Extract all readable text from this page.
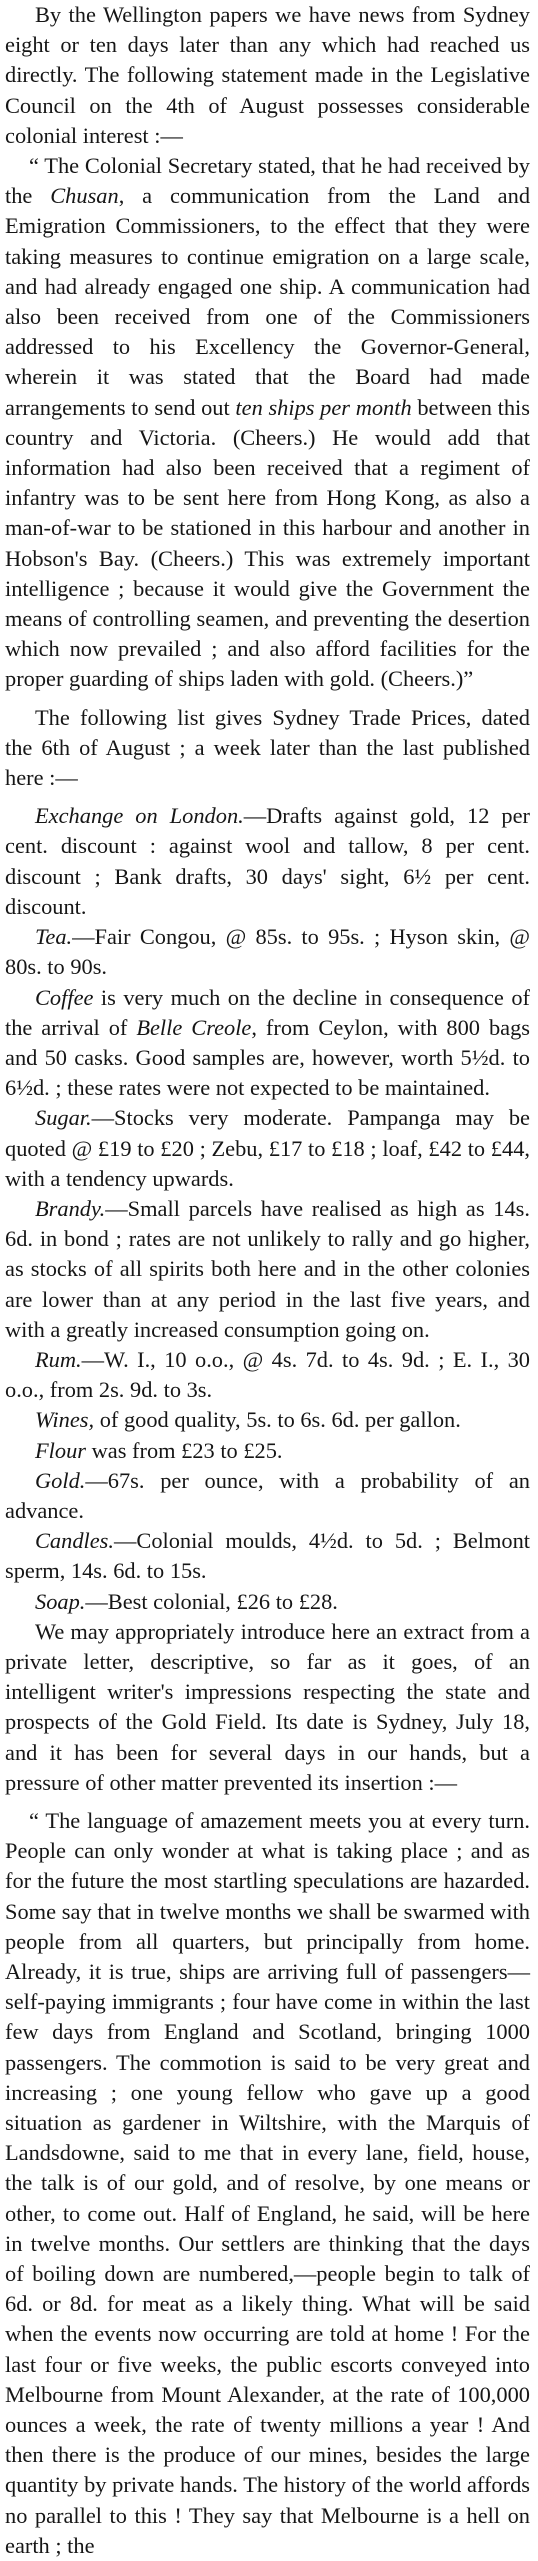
By the Wellington papers we have news from Sydney eight or ten days later than any which had reached us directly. The following statement made in the Legislative Council on the 4th of August possesses considerable colonial interest :—

“ The Colonial Secretary stated, that he had received by the Chusan, a communication from the Land and Emigration Commissioners, to the effect that they were taking measures to continue emigration on a large scale, and had already engaged one ship. A communication had also been received from one of the Commissioners addressed to his Excellency the Governor-General, wherein it was stated that the Board had made arrangements to send out ten ships per month between this country and Victoria. (Cheers.) He would add that information had also been received that a regiment of infantry was to be sent here from Hong Kong, as also a man-of-war to be stationed in this harbour and another in Hobson's Bay. (Cheers.) This was extremely important intelligence ; because it would give the Government the means of controlling seamen, and preventing the desertion which now prevailed ; and also afford facilities for the proper guarding of ships laden with gold. (Cheers.)”

The following list gives Sydney Trade Prices, dated the 6th of August ; a week later than the last published here :—

Exchange on London.—Drafts against gold, 12 per cent. discount : against wool and tallow, 8 per cent. discount ; Bank drafts, 30 days' sight, 6½ per cent. discount.

Tea.—Fair Congou, @ 85s. to 95s. ; Hyson skin, @ 80s. to 90s.

Coffee is very much on the decline in consequence of the arrival of Belle Creole, from Ceylon, with 800 bags and 50 casks. Good samples are, however, worth 5½d. to 6½d. ; these rates were not expected to be maintained.

Sugar.—Stocks very moderate. Pampanga may be quoted @ £19 to £20 ; Zebu, £17 to £18 ; loaf, £42 to £44, with a tendency upwards.

Brandy.—Small parcels have realised as high as 14s. 6d. in bond ; rates are not unlikely to rally and go higher, as stocks of all spirits both here and in the other colonies are lower than at any period in the last five years, and with a greatly increased consumption going on.

Rum.—W. I., 10 o.o., @ 4s. 7d. to 4s. 9d. ; E. I., 30 o.o., from 2s. 9d. to 3s.

Wines, of good quality, 5s. to 6s. 6d. per gallon.

Flour was from £23 to £25.

Gold.—67s. per ounce, with a probability of an advance.

Candles.—Colonial moulds, 4½d. to 5d. ; Belmont sperm, 14s. 6d. to 15s.

Soap.—Best colonial, £26 to £28.

We may appropriately introduce here an extract from a private letter, descriptive, so far as it goes, of an intelligent writer's impressions respecting the state and prospects of the Gold Field. Its date is Sydney, July 18, and it has been for several days in our hands, but a pressure of other matter prevented its insertion :—

“ The language of amazement meets you at every turn. People can only wonder at what is taking place ; and as for the future the most startling speculations are hazarded. Some say that in twelve months we shall be swarmed with people from all quarters, but principally from home. Already, it is true, ships are arriving full of passengers—self-paying immigrants ; four have come in within the last few days from England and Scotland, bringing 1000 passengers. The commotion is said to be very great and increasing ; one young fellow who gave up a good situation as gardener in Wiltshire, with the Marquis of Landsdowne, said to me that in every lane, field, house, the talk is of our gold, and of resolve, by one means or other, to come out. Half of England, he said, will be here in twelve months. Our settlers are thinking that the days of boiling down are numbered,—people begin to talk of 6d. or 8d. for meat as a likely thing. What will be said when the events now occurring are told at home ! For the last four or five weeks, the public escorts conveyed into Melbourne from Mount Alexander, at the rate of 100,000 ounces a week, the rate of twenty millions a year ! And then there is the produce of our mines, besides the large quantity by private hands. The history of the world affords no parallel to this ! They say that Melbourne is a hell on earth ; the
